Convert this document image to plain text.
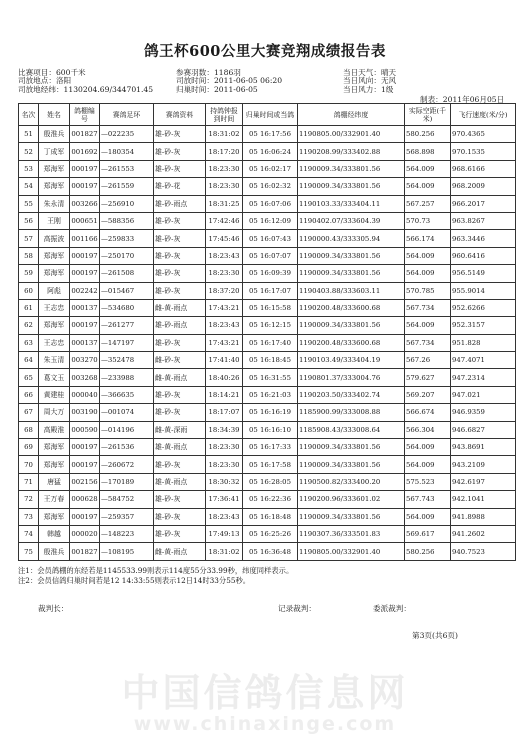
鸽王杯600公里大赛竞翔成绩报告表
比赛项目：600千米
司放地点：洛阳
司放地经纬：1130204.69/344701.45
参赛羽数：1186羽
司放时间：2011-06-05 06:20
归巢时间：2011-06-05
当日天气：晴天
当日风向：无风
当日风力：1级
制表：2011年06月05日
名次	姓名	鸽棚编号	赛鸽足环	赛鸽资料	持鸽钟报到时间	归巢时间或当鸽	鸽棚经纬度	实际空距(千米)	飞行速度(米/分)
51	殷淮兵	001827	—022235	雄-砂-灰	18:31:02	05 16:17:56	1190805.00/332901.40	580.256	970.4365
52	丁成军	001692	—180354	雄-砂-灰	18:17:20	05 16:06:24	1190208.99/333402.88	568.898	970.1535
53	郑海军	000197	—261553	雄-砂-灰	18:23:30	05 16:02:17	1190009.34/333801.56	564.009	968.6166
54	郑海军	000197	—261559	雄-砂-花	18:23:30	05 16:02:32	1190009.34/333801.56	564.009	968.2009
55	朱永清	003266	—256910	雄-砂-雨点	18:31:25	05 16:07:06	1190103.33/333404.11	567.257	966.2017
56	王刚	000651	—588356	雄-砂-灰	17:42:46	05 16:12:09	1190402.07/333604.39	570.73	963.8267
57	高振波	001166	—259833	雄-砂-灰	17:45:46	05 16:07:43	1190000.43/333305.94	566.174	963.3446
58	郑海军	000197	—250170	雄-砂-灰	18:23:43	05 16:07:07	1190009.34/333801.56	564.009	960.6416
59	郑海军	000197	—261508	雄-砂-灰	18:23:30	05 16:09:39	1190009.34/333801.56	564.009	956.5149
60	阿彪	002242	—015467	雄-砂-灰	18:37:20	05 16:17:07	1190403.88/333603.11	570.785	955.9014
61	王志忠	000137	—534680	雌-黄-雨点	17:43:21	05 16:15:58	1190200.48/333600.68	567.734	952.6266
62	郑海军	000197	—261277	雄-砂-雨点	18:23:43	05 16:12:15	1190009.34/333801.56	564.009	952.3157
63	王志忠	000137	—147197	雄-砂-灰	17:43:21	05 16:17:40	1190200.48/333600.68	567.734	951.828
64	朱玉清	003270	—352478	雌-砂-灰	17:41:40	05 16:18:45	1190103.49/333404.19	567.26	947.4071
65	葛文玉	003268	—233988	雌-黄-雨点	18:40:26	05 16:31:55	1190801.37/333004.76	579.627	947.2314
66	黄建桂	000040	—366635	雄-砂-灰	18:14:21	05 16:21:03	1190203.50/333402.74	569.207	947.021
67	周大万	003190	—001074	雄-砂-灰	18:17:07	05 16:16:19	1185900.99/333008.88	566.674	946.9359
68	高殿淮	000590	—014196	雌-黄-深雨	18:34:39	05 16:16:10	1185908.43/333008.64	566.304	946.6827
69	郑海军	000197	—261536	雄-黄-雨点	18:23:30	05 16:17:33	1190009.34/333801.56	564.009	943.8691
70	郑海军	000197	—260672	雄-砂-灰	18:23:30	05 16:17:58	1190009.34/333801.56	564.009	943.2109
71	唐猛	002156	—170189	雄-黄-雨点	18:30:32	05 16:28:05	1190500.82/333400.20	575.523	942.6197
72	王万春	000628	—584752	雄-砂-灰	17:36:41	05 16:22:36	1190200.96/333601.02	567.743	942.1041
73	郑海军	000197	—259357	雄-砂-灰	18:23:43	05 16:18:48	1190009.34/333801.56	564.009	941.8988
74	韩越	000020	—148223	雄-砂-灰	17:49:13	05 16:25:26	1190307.36/333501.83	569.617	941.2602
75	殷淮兵	001827	—108195	雌-黄-雨点	18:31:02	05 16:36:48	1190805.00/332901.40	580.256	940.7523
注1：会员鸽棚的东经若是1145533.99则表示114度55分33.99秒，纬度同样表示。
注2：会员信鸽归巢时间若是12 14:33:55则表示12日14时33分55秒。
裁判长：	记录裁判：	委派裁判：
第3页(共6页)
中国信鸽信息网
www.chinaxinge.com
